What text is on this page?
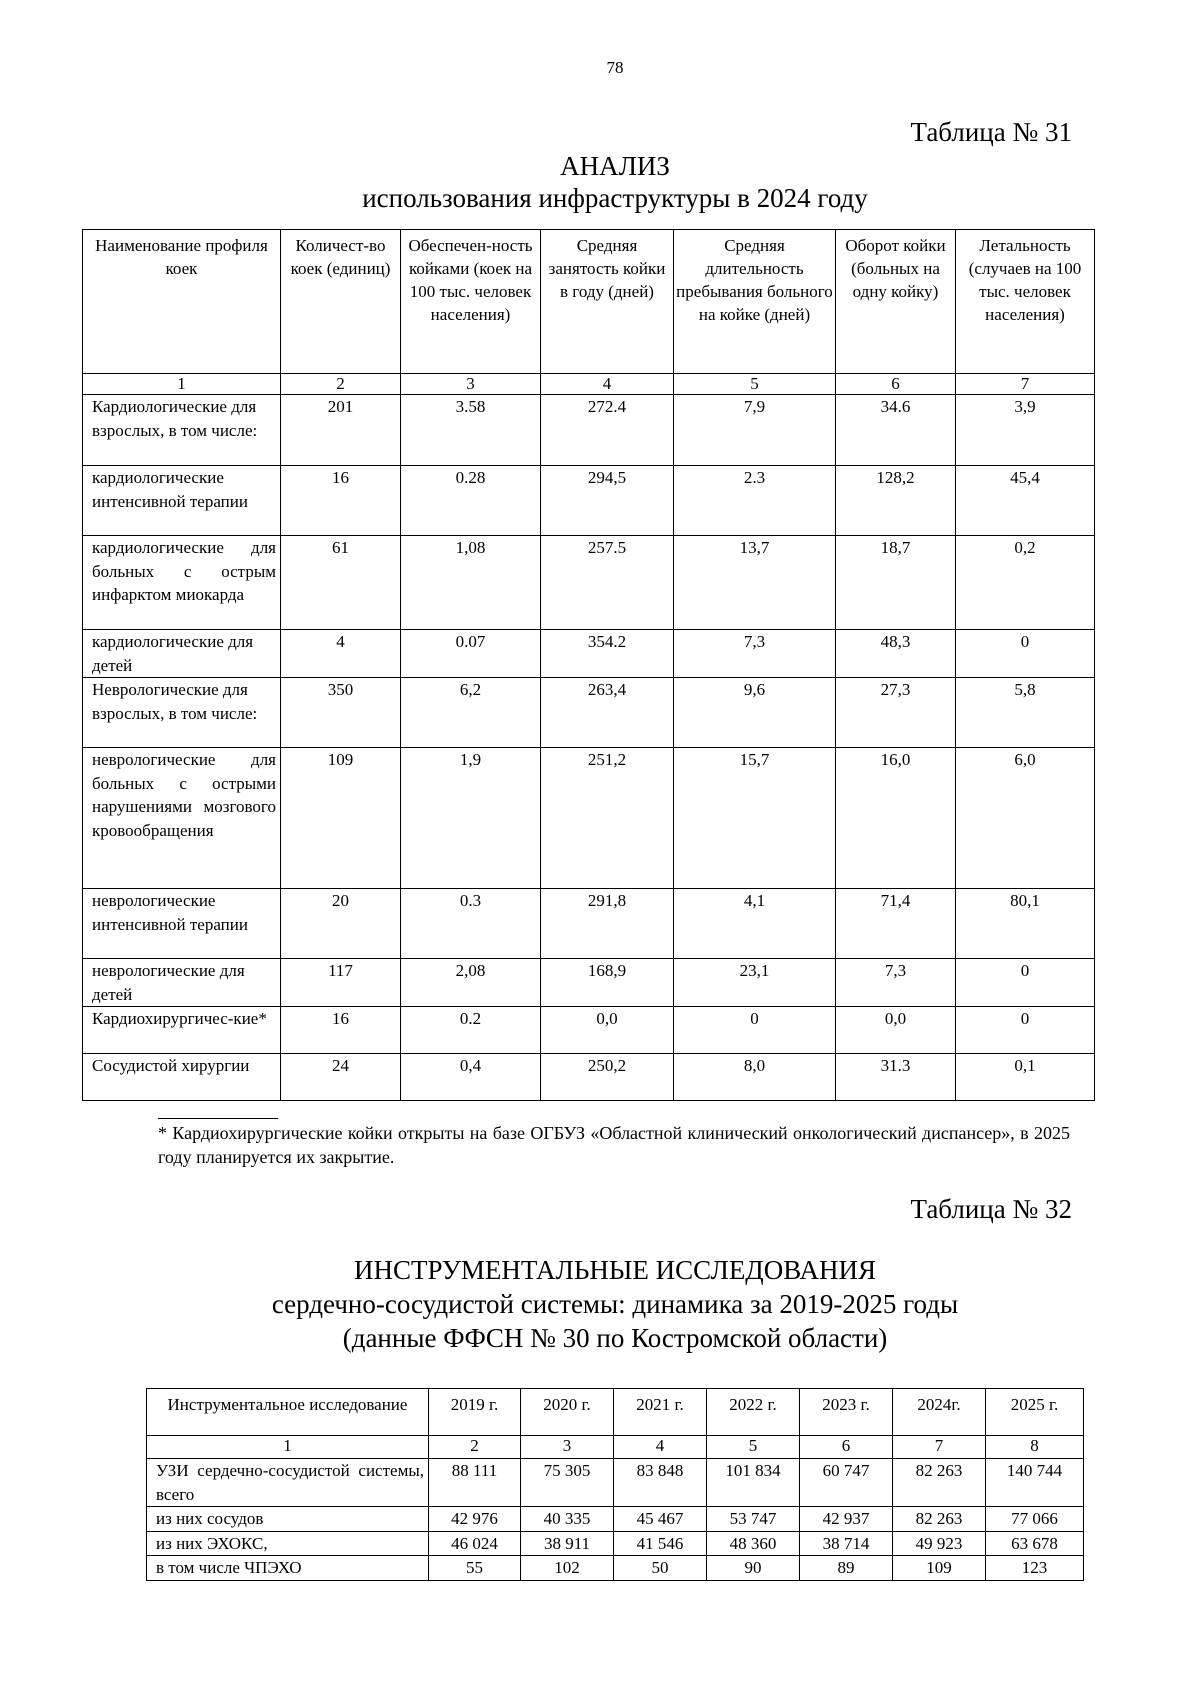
78
Таблица № 31
АНАЛИЗ
использования инфраструктуры в 2024 году
Наименование профиля коек	Количест-во коек (единиц)	Обеспечен-ность койками (коек на 100 тыс. человек населения)	Средняя занятость койки в году (дней)	Средняя длительность пребывания больного на койке (дней)	Оборот койки (больных на одну койку)	Летальность (случаев на 100 тыс. человек населения)
1	2	3	4	5	6	7
Кардиологические для взрослых, в том числе:	201	3.58	272.4	7,9	34.6	3,9
кардиологические интенсивной терапии	16	0.28	294,5	2.3	128,2	45,4
кардиологические для больных с острым инфарктом миокарда	61	1,08	257.5	13,7	18,7	0,2
кардиологические для детей	4	0.07	354.2	7,3	48,3	0
Неврологические для взрослых, в том числе:	350	6,2	263,4	9,6	27,3	5,8
неврологические для больных с острыми нарушениями мозгового кровообращения	109	1,9	251,2	15,7	16,0	6,0
неврологические интенсивной терапии	20	0.3	291,8	4,1	71,4	80,1
неврологические для детей	117	2,08	168,9	23,1	7,3	0
Кардиохирургичес-кие*	16	0.2	0,0	0	0,0	0
Сосудистой хирургии	24	0,4	250,2	8,0	31.3	0,1
* Кардиохирургические койки открыты на базе ОГБУЗ «Областной клинический онкологический диспансер», в 2025 году планируется их закрытие.
Таблица № 32
ИНСТРУМЕНТАЛЬНЫЕ ИССЛЕДОВАНИЯ
сердечно-сосудистой системы: динамика за 2019-2025 годы
(данные ФФСН № 30 по Костромской области)
Инструментальное исследование	2019 г.	2020 г.	2021 г.	2022 г.	2023 г.	2024г.	2025 г.
1	2	3	4	5	6	7	8
УЗИ сердечно-сосудистой системы, всего	88 111	75 305	83 848	101 834	60 747	82 263	140 744
из них сосудов	42 976	40 335	45 467	53 747	42 937	82 263	77 066
из них ЭХОКС,	46 024	38 911	41 546	48 360	38 714	49 923	63 678
в том числе ЧПЭХО	55	102	50	90	89	109	123
